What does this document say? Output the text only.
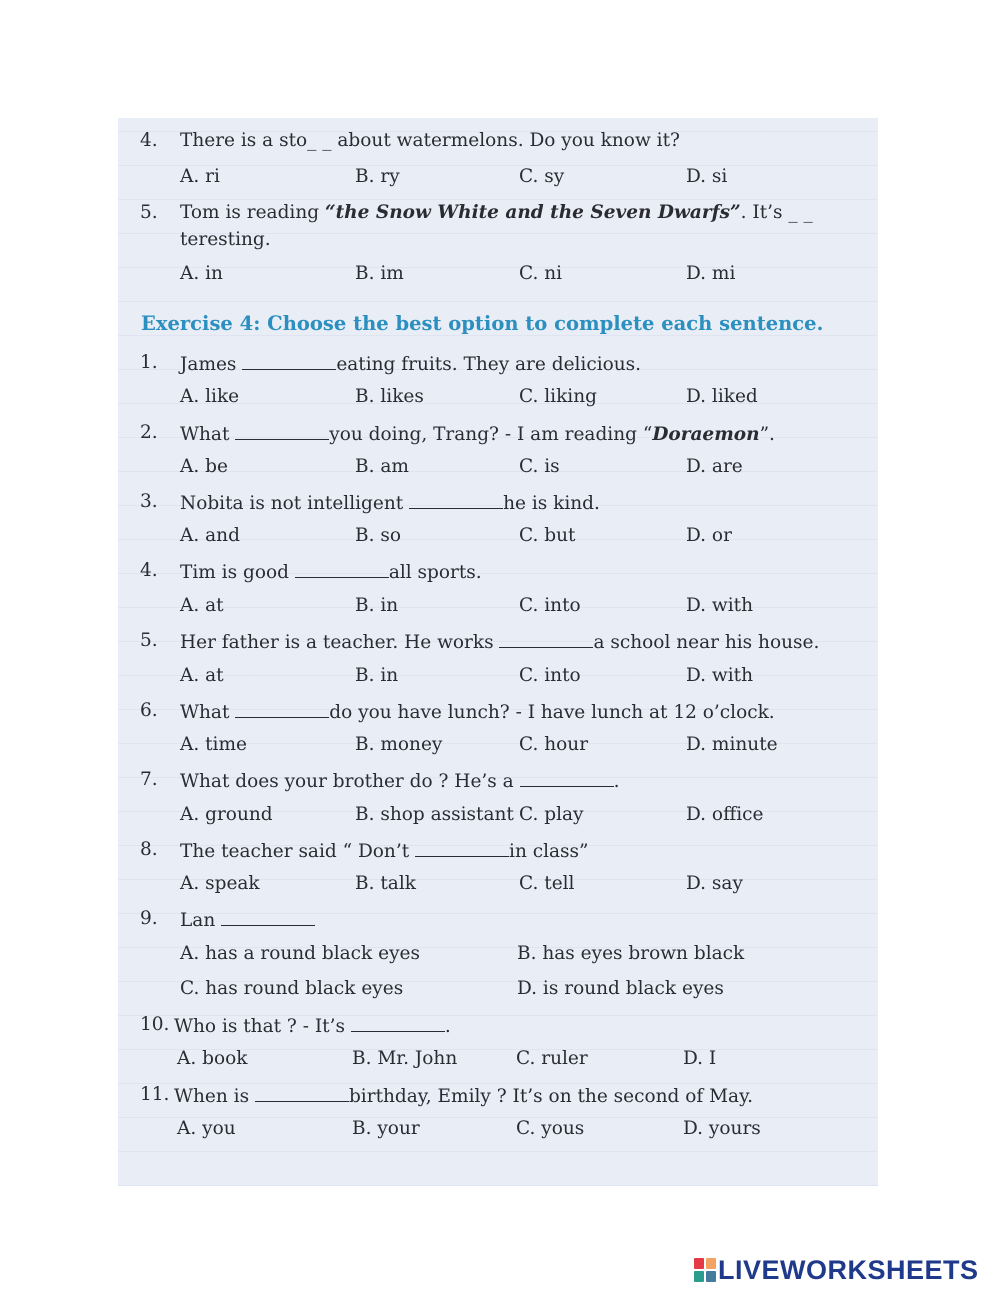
4. There is a sto_ _ about watermelons. Do you know it?
A. ri	B. ry	C. sy	D. si
5. Tom is reading “the Snow White and the Seven Dwarfs”. It’s _ _
teresting.
A. in	B. im	C. ni	D. mi
Exercise 4: Choose the best option to complete each sentence.
1. James	eating fruits. They are delicious.
A. like	B. likes	C. liking	D. liked
2. What	you doing, Trang? - I am reading “Doraemon”.
A. be	B. am	C. is	D. are
3. Nobita is not intelligent	he is kind.
A. and	B. so	C. but	D. or
4. Tim is good	all sports.
A. at	B. in	C. into	D. with
5. Her father is a teacher. He works	a school near his house.
A. at	B. in	C. into	D. with
6. What	do you have lunch? - I have lunch at 12 o’clock.
A. time	B. money	C. hour	D. minute
7. What does your brother do ? He’s a	.
A. ground	B. shop assistant C. play	D. office
8. The teacher said “ Don’t	in class”
A. speak	B. talk	C. tell	D. say
9. Lan
A. has a round black eyes	B. has eyes brown black
C. has round black eyes	D. is round black eyes
10. Who is that ? - It’s	.
A. book	B. Mr. John	C. ruler	D. I
11. When is	birthday, Emily ? It’s on the second of May.
A. you	B. your	C. yous	D. yours
LIVEWORKSHEETS
